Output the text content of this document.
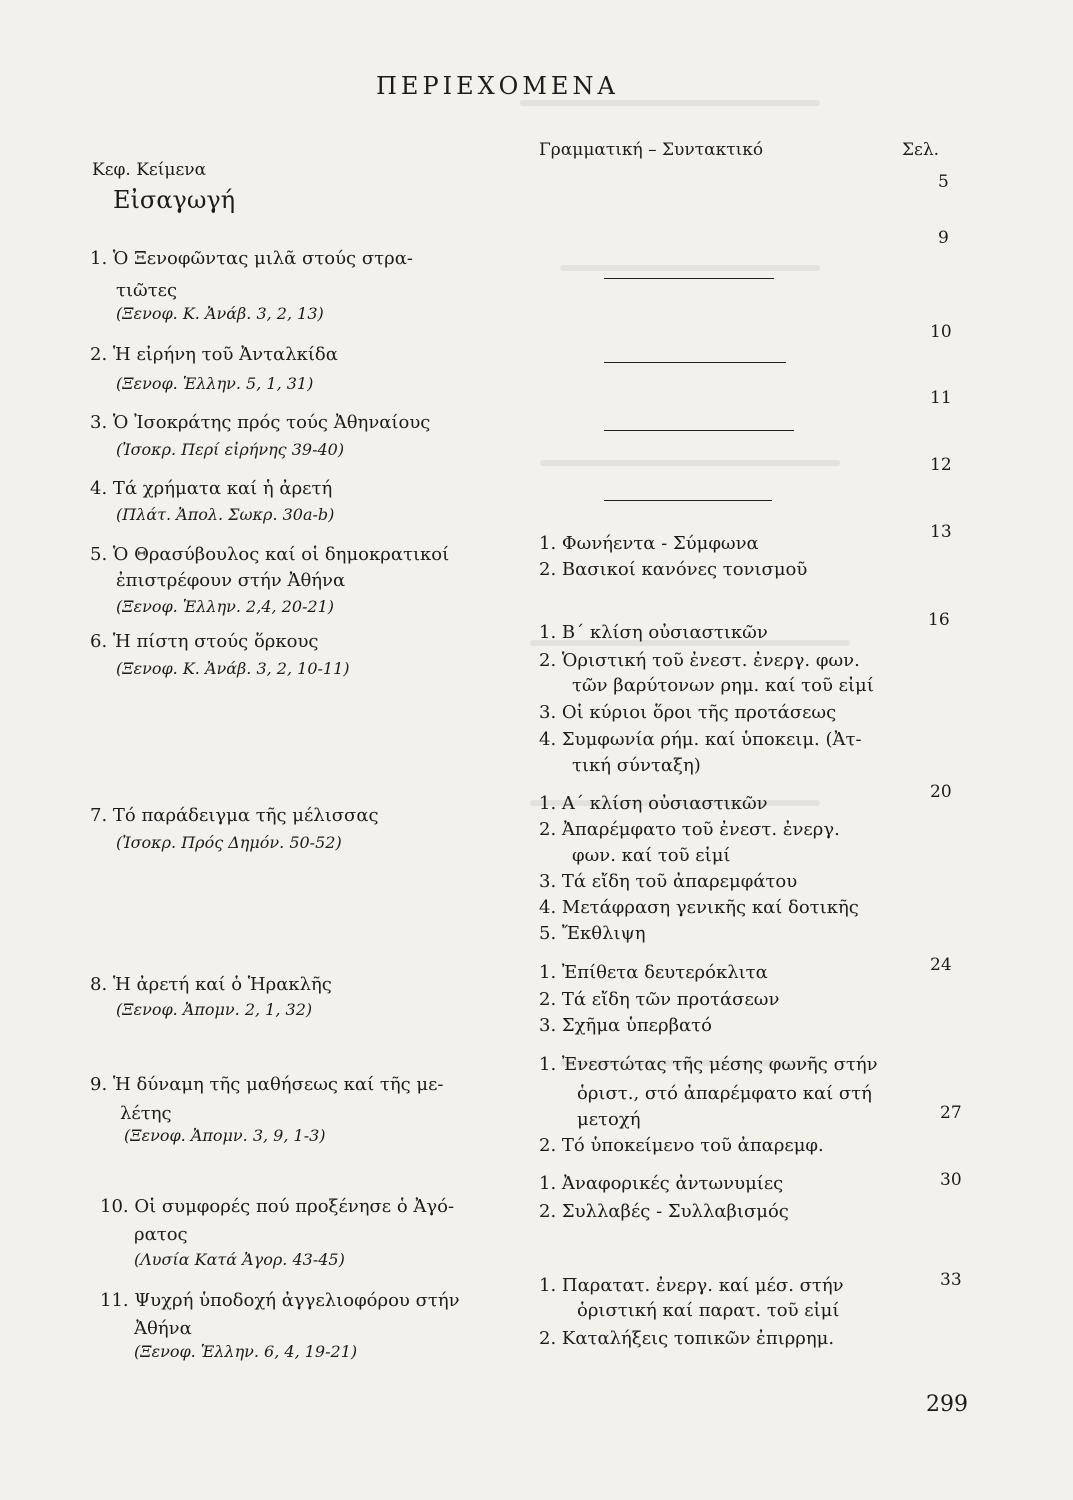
ΠΕΡΙΕΧΟΜΕΝΑ
Κεφ. Κείμενα
Γραμματική – Συντακτικό	Σελ.
Εἰσαγωγή
5
1. Ὁ Ξενοφῶντας μιλᾶ στούς στρα-
τιῶτες
(Ξενοφ. Κ. Ἀνάβ. 3, 2, 13)
2. Ἡ εἰρήνη τοῦ Ἀνταλκίδα
(Ξενοφ. Ἑλλην. 5, 1, 31)
3. Ὁ Ἰσοκράτης πρός τούς Ἀθηναίους
(Ἰσοκρ. Περί εἰρήνης 39-40)
4. Τά χρήματα καί ἡ ἀρετή
(Πλάτ. Ἀπολ. Σωκρ. 30a-b)
5. Ὁ Θρασύβουλος καί οἱ δημοκρατικοί
ἐπιστρέφουν στήν Ἀθήνα
(Ξενοφ. Ἑλλην. 2,4, 20-21)
6. Ἡ πίστη στούς ὅρκους
(Ξενοφ. Κ. Ἀνάβ. 3, 2, 10-11)
7. Τό παράδειγμα τῆς μέλισσας
(Ἰσοκρ. Πρός Δημόν. 50-52)
8. Ἡ ἀρετή καί ὁ Ἡρακλῆς
(Ξενοφ. Ἀπομν. 2, 1, 32)
9. Ἡ δύναμη τῆς μαθήσεως καί τῆς με-
λέτης
(Ξενοφ. Ἀπομν. 3, 9, 1-3)
10. Οἱ συμφορές πού προξένησε ὁ Ἀγό-
ρατος
(Λυσία Κατά Ἀγορ. 43-45)
11. Ψυχρή ὑποδοχή ἀγγελιοφόρου στήν
Ἀθήνα
(Ξενοφ. Ἑλλην. 6, 4, 19-21)
1. Φωνήεντα - Σύμφωνα
2. Βασικοί κανόνες τονισμοῦ
1. Β΄ κλίση οὐσιαστικῶν
2. Ὁριστική τοῦ ἐνεστ. ἐνεργ. φων.
τῶν βαρύτονων ρημ. καί τοῦ εἰμί
3. Οἱ κύριοι ὅροι τῆς προτάσεως
4. Συμφωνία ρήμ. καί ὑποκειμ. (Ἀτ-
τική σύνταξη)
1. Α΄ κλίση οὐσιαστικῶν
2. Ἀπαρέμφατο τοῦ ἐνεστ. ἐνεργ.
φων. καί τοῦ εἰμί
3. Τά εἴδη τοῦ ἀπαρεμφάτου
4. Μετάφραση γενικῆς καί δοτικῆς
5. Ἔκθλιψη
1. Ἐπίθετα δευτερόκλιτα
2. Τά εἴδη τῶν προτάσεων
3. Σχῆμα ὑπερβατό
1. Ἐνεστώτας τῆς μέσης φωνῆς στήν
ὁριστ., στό ἀπαρέμφατο καί στή
μετοχή
2. Τό ὑποκείμενο τοῦ ἀπαρεμφ.
1. Ἀναφορικές ἀντωνυμίες
2. Συλλαβές - Συλλαβισμός
1. Παρατατ. ἐνεργ. καί μέσ. στήν
ὁριστική καί παρατ. τοῦ εἰμί
2. Καταλήξεις τοπικῶν ἐπιρρημ.
9
10
11
12
13
16
20
24
27
30
33
299
